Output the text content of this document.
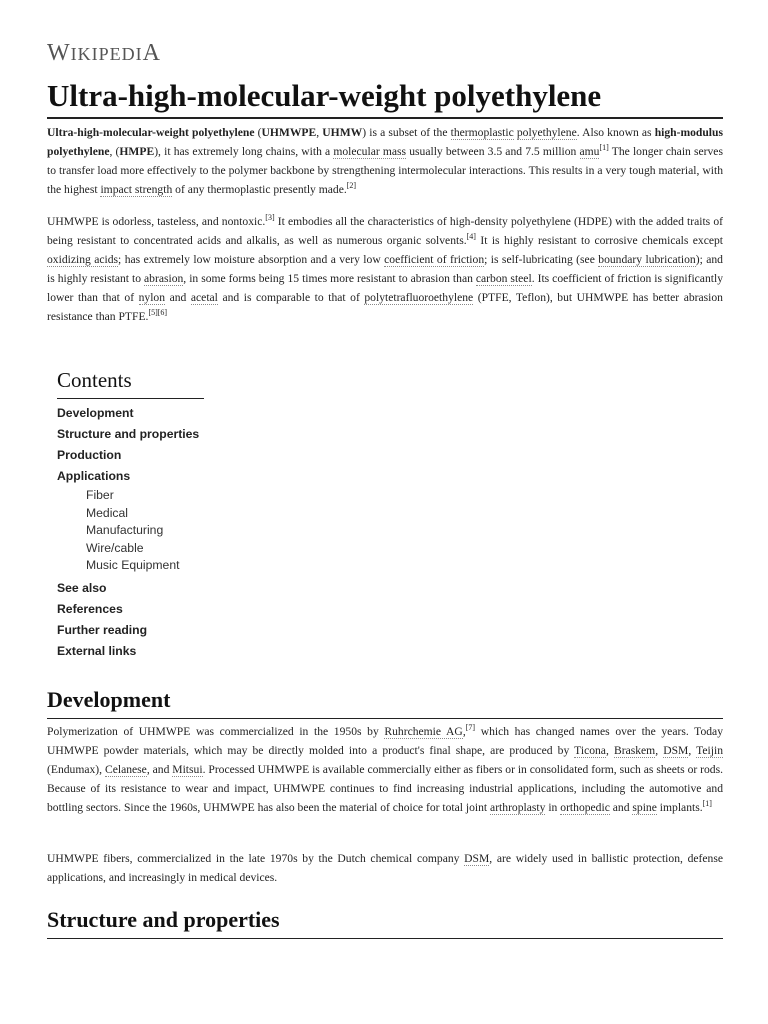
WIKIPEDIA
Ultra-high-molecular-weight polyethylene

Ultra-high-molecular-weight polyethylene (UHMWPE, UHMW) is a subset of the thermoplastic polyethylene. Also known as high-modulus polyethylene, (HMPE), it has extremely long chains, with a molecular mass usually between 3.5 and 7.5 million amu[1] The longer chain serves to transfer load more effectively to the polymer backbone by strengthening intermolecular interactions. This results in a very tough material, with the highest impact strength of any thermoplastic presently made.[2]

UHMWPE is odorless, tasteless, and nontoxic.[3] It embodies all the characteristics of high-density polyethylene (HDPE) with the added traits of being resistant to concentrated acids and alkalis, as well as numerous organic solvents.[4] It is highly resistant to corrosive chemicals except oxidizing acids; has extremely low moisture absorption and a very low coefficient of friction; is self-lubricating (see boundary lubrication); and is highly resistant to abrasion, in some forms being 15 times more resistant to abrasion than carbon steel. Its coefficient of friction is significantly lower than that of nylon and acetal and is comparable to that of polytetrafluoroethylene (PTFE, Teflon), but UHMWPE has better abrasion resistance than PTFE.[5][6]

Contents
Development
Structure and properties
Production
Applications
Fiber
Medical
Manufacturing
Wire/cable
Music Equipment
See also
References
Further reading
External links
Development

Polymerization of UHMWPE was commercialized in the 1950s by Ruhrchemie AG,[7] which has changed names over the years. Today UHMWPE powder materials, which may be directly molded into a product's final shape, are produced by Ticona, Braskem, DSM, Teijin (Endumax), Celanese, and Mitsui. Processed UHMWPE is available commercially either as fibers or in consolidated form, such as sheets or rods. Because of its resistance to wear and impact, UHMWPE continues to find increasing industrial applications, including the automotive and bottling sectors. Since the 1960s, UHMWPE has also been the material of choice for total joint arthroplasty in orthopedic and spine implants.[1]

UHMWPE fibers, commercialized in the late 1970s by the Dutch chemical company DSM, are widely used in ballistic protection, defense applications, and increasingly in medical devices.

Structure and properties
